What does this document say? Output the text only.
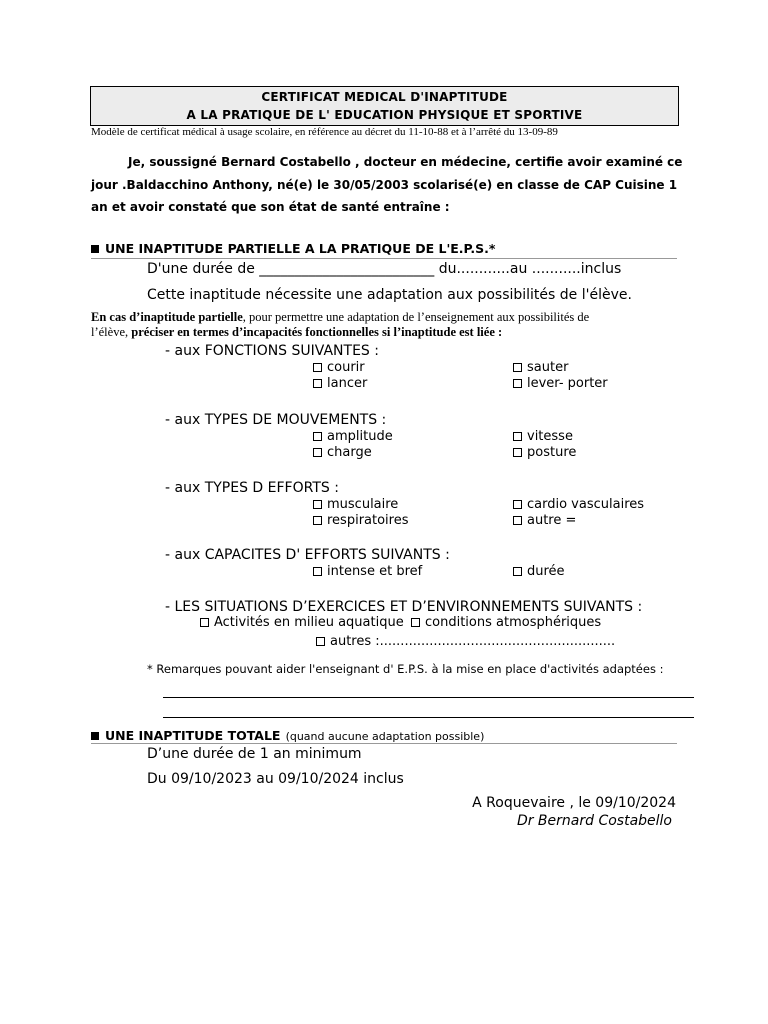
CERTIFICAT MEDICAL D'INAPTITUDE
A LA PRATIQUE DE L' EDUCATION PHYSIQUE ET SPORTIVE
Modèle de certificat médical à usage scolaire, en référence au décret du 11-10-88 et à l’arrêté du 13-09-89
Je, soussigné Bernard Costabello , docteur en médecine, certifie avoir examiné ce
jour .Baldacchino Anthony, né(e) le 30/05/2003 scolarisé(e) en classe de CAP Cuisine 1
an et avoir constaté que son état de santé entraîne :
UNE INAPTITUDE PARTIELLE A LA PRATIQUE DE L'E.P.S.*
D'une durée de _________________________ du............au ...........inclus
Cette inaptitude nécessite une adaptation aux possibilités de l'élève.
En cas d’inaptitude partielle, pour permettre une adaptation de l’enseignement aux possibilités de
l’élève, préciser en termes d’incapacités fonctionnelles si l’inaptitude est liée :
- aux FONCTIONS SUIVANTES :
courir	sauter
lancer	lever- porter
- aux TYPES DE MOUVEMENTS :
amplitude	vitesse
charge	posture
- aux TYPES D EFFORTS :
musculaire	cardio vasculaires
respiratoires	autre =
- aux CAPACITES D' EFFORTS SUIVANTS :
intense et bref	durée
- LES SITUATIONS D’EXERCICES ET D’ENVIRONNEMENTS SUIVANTS :
Activités en milieu aquatique	conditions atmosphériques
autres :.........................................................
* Remarques pouvant aider l'enseignant d' E.P.S. à la mise en place d'activités adaptées :
UNE INAPTITUDE TOTALE (quand aucune adaptation possible)
D’une durée de 1 an minimum
Du 09/10/2023 au 09/10/2024 inclus
A Roquevaire , le 09/10/2024
Dr Bernard Costabello
